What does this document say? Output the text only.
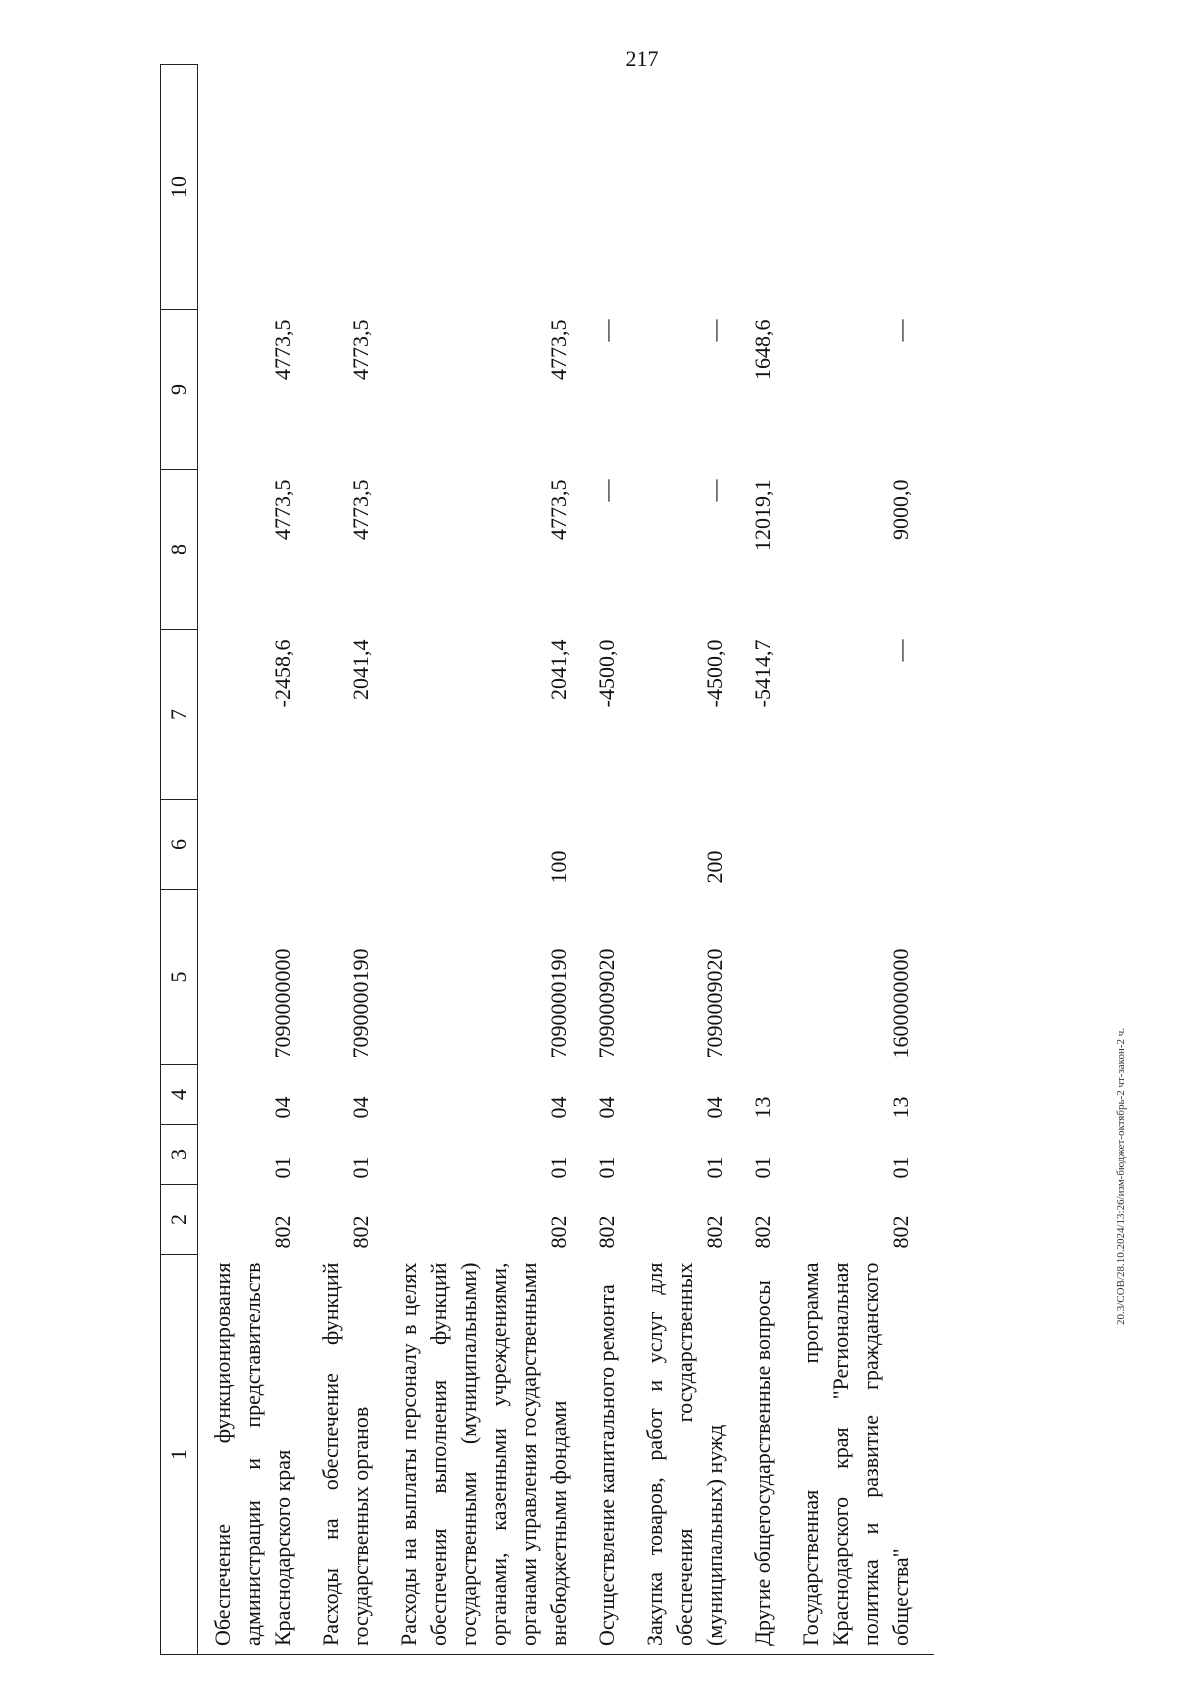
217
20.3/СОВ/28.10.2024/13:26/изм-бюджет-октябрь-2 чт-закон-2 ч.
1	2	3	4	5	6	7	8	9	10
Обеспечение функционирования администрации и представительств Краснодарского края	802	01	04	7090000000		-2458,6	4773,5	4773,5	
Расходы на обеспечение функций государственных органов	802	01	04	7090000190		2041,4	4773,5	4773,5	
Расходы на выплаты персоналу в целях обеспечения выполнения функций государственными (муниципальными) органами, казенными учреждениями, органами управления государственными внебюджетными фондами	802	01	04	7090000190	100	2041,4	4773,5	4773,5	
Осуществление капитального ремонта	802	01	04	7090009020		-4500,0	—	—	
Закупка товаров, работ и услуг для обеспечения государственных (муниципальных) нужд	802	01	04	7090009020	200	-4500,0	—	—	
Другие общегосударственные вопросы	802	01	13			-5414,7	12019,1	1648,6	
Государственная программа Краснодарского края "Региональная политика и развитие гражданского общества"	802	01	13	1600000000		—	9000,0	—	
